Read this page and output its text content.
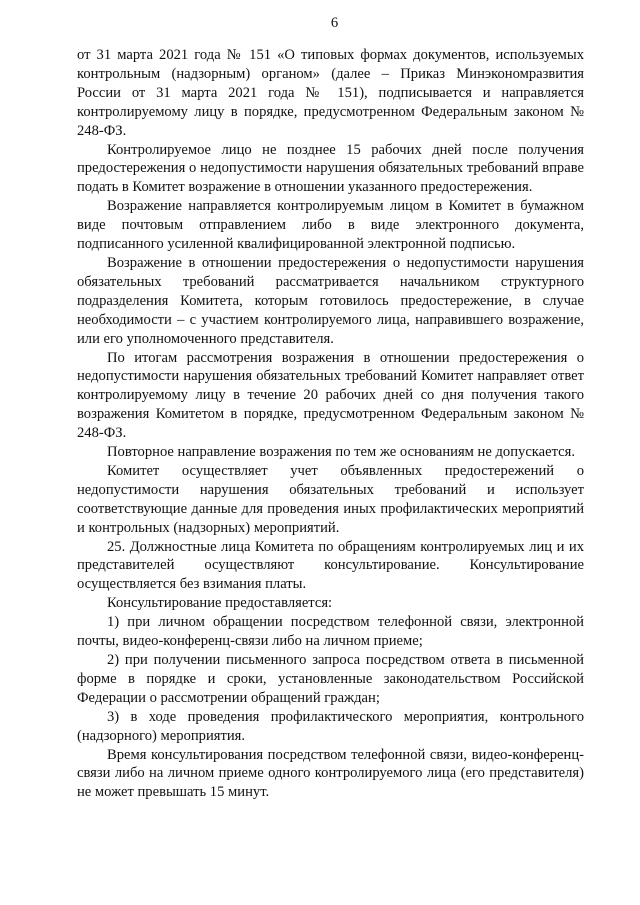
6

от 31 марта 2021 года № 151 «О типовых формах документов, используемых контрольным (надзорным) органом» (далее – Приказ Минэкономразвития России от 31 марта 2021 года № 151), подписывается и направляется контролируемому лицу в порядке, предусмотренном Федеральным законом № 248-ФЗ.

Контролируемое лицо не позднее 15 рабочих дней после получения предостережения о недопустимости нарушения обязательных требований вправе подать в Комитет возражение в отношении указанного предостережения.

Возражение направляется контролируемым лицом в Комитет в бумажном виде почтовым отправлением либо в виде электронного документа, подписанного усиленной квалифицированной электронной подписью.

Возражение в отношении предостережения о недопустимости нарушения обязательных требований рассматривается начальником структурного подразделения Комитета, которым готовилось предостережение, в случае необходимости – с участием контролируемого лица, направившего возражение, или его уполномоченного представителя.

По итогам рассмотрения возражения в отношении предостережения о недопустимости нарушения обязательных требований Комитет направляет ответ контролируемому лицу в течение 20 рабочих дней со дня получения такого возражения Комитетом в порядке, предусмотренном Федеральным законом № 248-ФЗ.

Повторное направление возражения по тем же основаниям не допускается.

Комитет осуществляет учет объявленных предостережений о недопустимости нарушения обязательных требований и использует соответствующие данные для проведения иных профилактических мероприятий и контрольных (надзорных) мероприятий.

25. Должностные лица Комитета по обращениям контролируемых лиц и их представителей осуществляют консультирование. Консультирование осуществляется без взимания платы.

Консультирование предоставляется:

1) при личном обращении посредством телефонной связи, электронной почты, видео-конференц-связи либо на личном приеме;

2) при получении письменного запроса посредством ответа в письменной форме в порядке и сроки, установленные законодательством Российской Федерации о рассмотрении обращений граждан;

3) в ходе проведения профилактического мероприятия, контрольного (надзорного) мероприятия.

Время консультирования посредством телефонной связи, видео-конференц-связи либо на личном приеме одного контролируемого лица (его представителя) не может превышать 15 минут.
